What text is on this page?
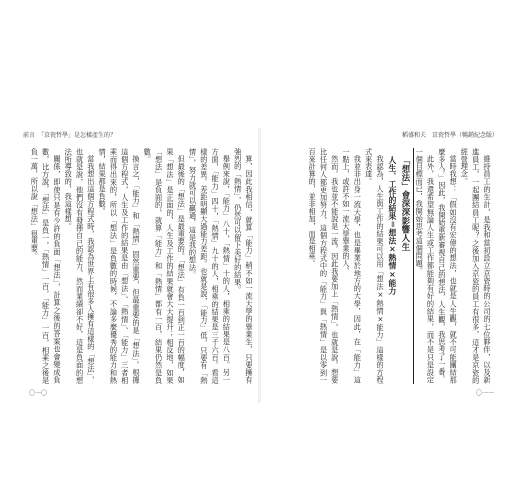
前言　「京瓷哲學」是怎樣產生的？

算，因此我相信，就算「能力」稍不如一流大學的畢業生，只要擁有強烈的「熱情」，仍然可以留下美好的結果。

舉例來說，「能力」八十，「熱情」十的人，相乘的結果是八百。另一方面，「能力」四十，「熱情」九十的人，相乘的結果是三千六百。看這樣的差異。差距明顯大過能力差距。也就是說，「能力」低，只要有「熱情」，努力就可以贏過，這是我的想法。

但最後的「想法」是最重要的。「想法」有負一百到正一百的幅度，如果「想法」是正面的，人生及工作的結果就會大大提升；相反地，如果「想法」是負面的，就算「能力」和「熱情」都有一百，結果仍然是負數。

換言之，「能力」和「熱情」固然重要，但最重要的是「想法」。根據這個方程式，人生及工作的結果是由「想法」、「熱情」、「能力」三者相乘而得出來的，所以「想法」是負數的時候，不論多麼優秀的能力和熱情，結果都是負數。

當我想出這個方程式時，我認為世界上有很多人擁有這樣的「想法」，也就是說，他們沒有發揮自己的能力，然而業績卻不好，這是負面的想法所導致的，我這樣想。

關係，即使只是有少許的負面「想法」，計算之後的答案也會變成負數，比方說，「想法」是負一，「熱情」一百，「能力」一百，相乘之後是負一萬，所以說「想法」很重要。

〇一〇
稻盛和夫　京瓷哲學（暢銷紀念版）

維持員工的生計，是我和當初設立京瓷時的公司的七位夥伴，以及新進員工，一起團結員工呢？之後加入京瓷的員工有很多，這才是京瓷的經營理念。

當時我想：「假如沒有宏偉的想法，也就是人生觀，就不可能團結那麼多人。」因此，我開始重新審視自己的想法，人生觀，我思考了一番。

此外，我還希望無論人生或工作都能夠有好的結果，而不是只是設定一個目標而已，我開始思考這個問題。

「想法」會深深影響人生

人生、工作的結果＝想法×熱情×能力

我認為，人生與工作的結果可以用「想法×熱情×能力」這樣的方程式來表達。

我並非出身一流大學，也是畢業於地方的大學，因此，在「能力」這一點上，或許不如一流大學畢業的人。

然而，我也並不能說是一流，因此我要加上「熱情」，也就是說，想要比任何人都更加努力，這個方程式中的「能力」與「熱情」是以零到一百來計算的，並非相加，而是相乘。

〇一一
